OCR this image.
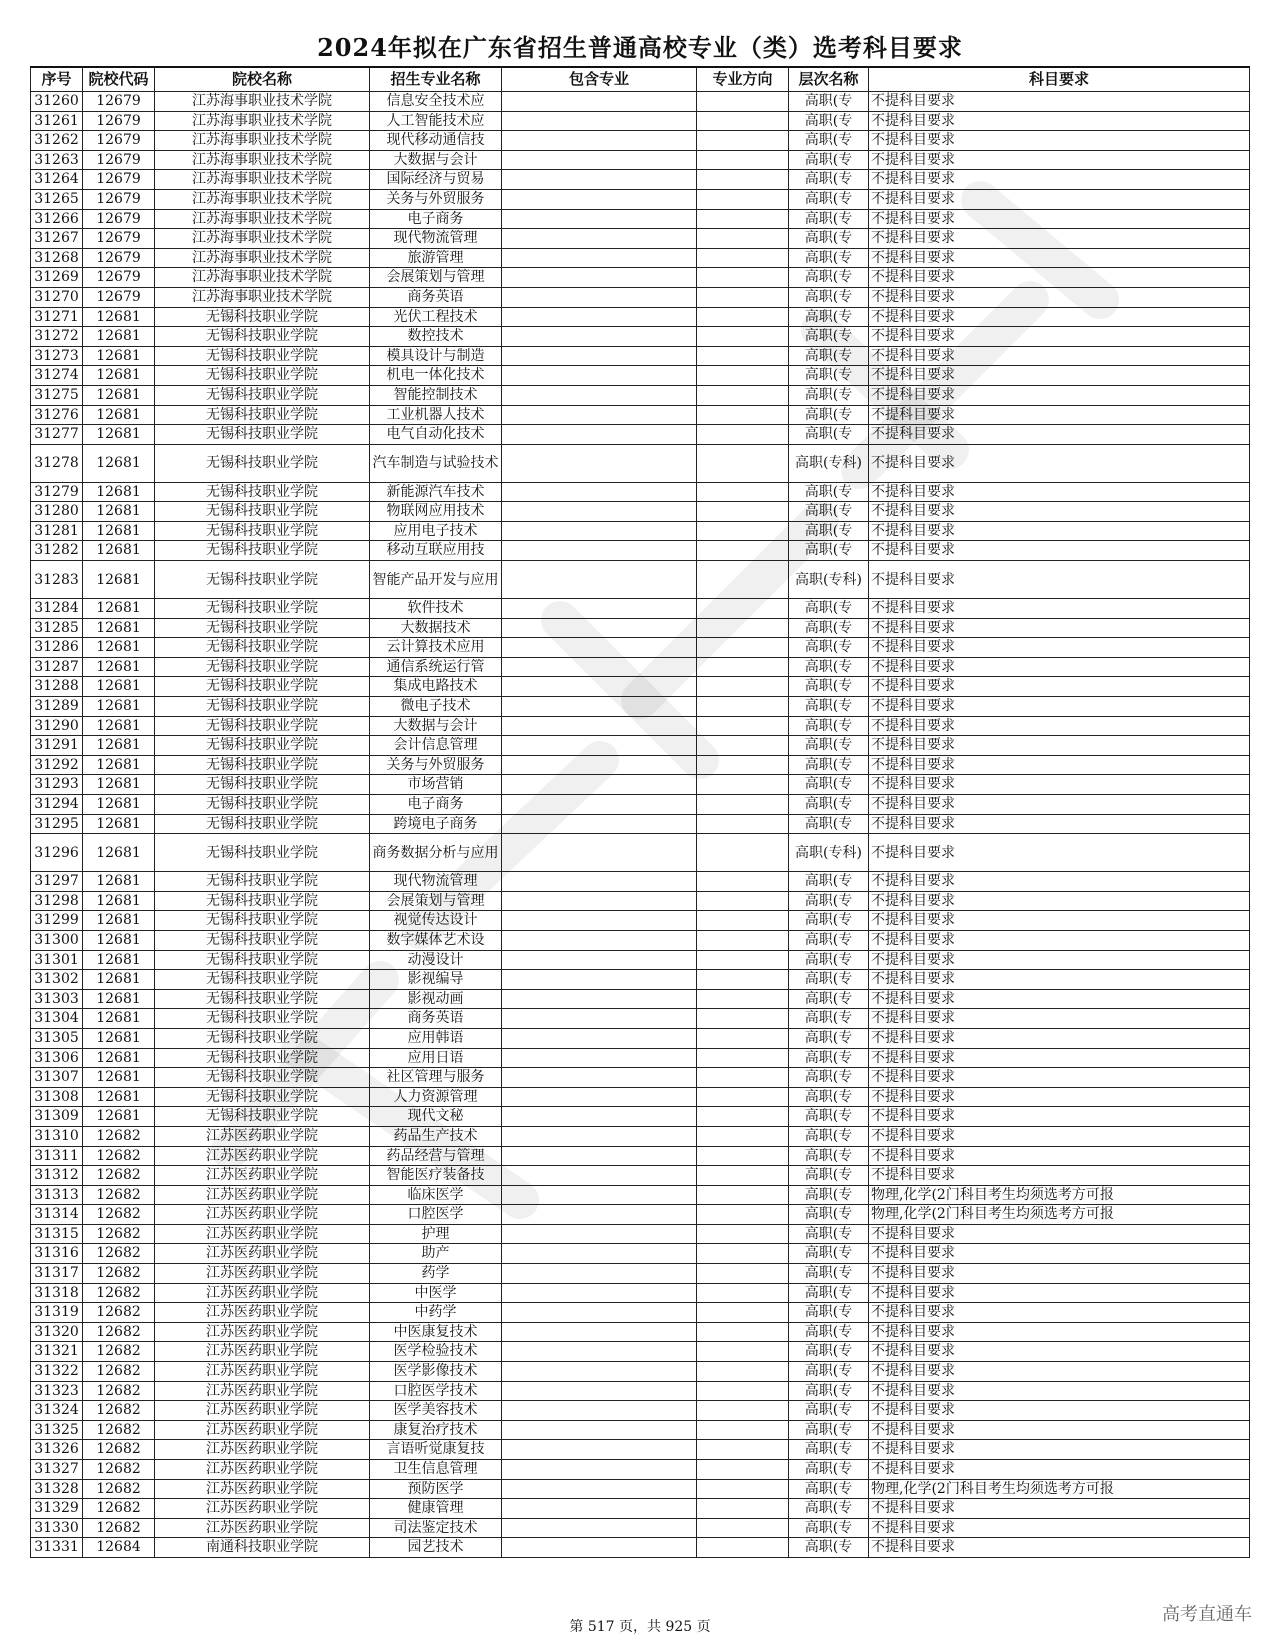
2024年拟在广东省招生普通高校专业（类）选考科目要求
序号	院校代码	院校名称	招生专业名称	包含专业	专业方向	层次名称	科目要求
31260	12679	江苏海事职业技术学院	信息安全技术应			高职(专	不提科目要求
31261	12679	江苏海事职业技术学院	人工智能技术应			高职(专	不提科目要求
31262	12679	江苏海事职业技术学院	现代移动通信技			高职(专	不提科目要求
31263	12679	江苏海事职业技术学院	大数据与会计			高职(专	不提科目要求
31264	12679	江苏海事职业技术学院	国际经济与贸易			高职(专	不提科目要求
31265	12679	江苏海事职业技术学院	关务与外贸服务			高职(专	不提科目要求
31266	12679	江苏海事职业技术学院	电子商务			高职(专	不提科目要求
31267	12679	江苏海事职业技术学院	现代物流管理			高职(专	不提科目要求
31268	12679	江苏海事职业技术学院	旅游管理			高职(专	不提科目要求
31269	12679	江苏海事职业技术学院	会展策划与管理			高职(专	不提科目要求
31270	12679	江苏海事职业技术学院	商务英语			高职(专	不提科目要求
31271	12681	无锡科技职业学院	光伏工程技术			高职(专	不提科目要求
31272	12681	无锡科技职业学院	数控技术			高职(专	不提科目要求
31273	12681	无锡科技职业学院	模具设计与制造			高职(专	不提科目要求
31274	12681	无锡科技职业学院	机电一体化技术			高职(专	不提科目要求
31275	12681	无锡科技职业学院	智能控制技术			高职(专	不提科目要求
31276	12681	无锡科技职业学院	工业机器人技术			高职(专	不提科目要求
31277	12681	无锡科技职业学院	电气自动化技术			高职(专	不提科目要求
31278	12681	无锡科技职业学院	汽车制造与试验技术			高职(专科)	不提科目要求
31279	12681	无锡科技职业学院	新能源汽车技术			高职(专	不提科目要求
31280	12681	无锡科技职业学院	物联网应用技术			高职(专	不提科目要求
31281	12681	无锡科技职业学院	应用电子技术			高职(专	不提科目要求
31282	12681	无锡科技职业学院	移动互联应用技			高职(专	不提科目要求
31283	12681	无锡科技职业学院	智能产品开发与应用			高职(专科)	不提科目要求
31284	12681	无锡科技职业学院	软件技术			高职(专	不提科目要求
31285	12681	无锡科技职业学院	大数据技术			高职(专	不提科目要求
31286	12681	无锡科技职业学院	云计算技术应用			高职(专	不提科目要求
31287	12681	无锡科技职业学院	通信系统运行管			高职(专	不提科目要求
31288	12681	无锡科技职业学院	集成电路技术			高职(专	不提科目要求
31289	12681	无锡科技职业学院	微电子技术			高职(专	不提科目要求
31290	12681	无锡科技职业学院	大数据与会计			高职(专	不提科目要求
31291	12681	无锡科技职业学院	会计信息管理			高职(专	不提科目要求
31292	12681	无锡科技职业学院	关务与外贸服务			高职(专	不提科目要求
31293	12681	无锡科技职业学院	市场营销			高职(专	不提科目要求
31294	12681	无锡科技职业学院	电子商务			高职(专	不提科目要求
31295	12681	无锡科技职业学院	跨境电子商务			高职(专	不提科目要求
31296	12681	无锡科技职业学院	商务数据分析与应用			高职(专科)	不提科目要求
31297	12681	无锡科技职业学院	现代物流管理			高职(专	不提科目要求
31298	12681	无锡科技职业学院	会展策划与管理			高职(专	不提科目要求
31299	12681	无锡科技职业学院	视觉传达设计			高职(专	不提科目要求
31300	12681	无锡科技职业学院	数字媒体艺术设			高职(专	不提科目要求
31301	12681	无锡科技职业学院	动漫设计			高职(专	不提科目要求
31302	12681	无锡科技职业学院	影视编导			高职(专	不提科目要求
31303	12681	无锡科技职业学院	影视动画			高职(专	不提科目要求
31304	12681	无锡科技职业学院	商务英语			高职(专	不提科目要求
31305	12681	无锡科技职业学院	应用韩语			高职(专	不提科目要求
31306	12681	无锡科技职业学院	应用日语			高职(专	不提科目要求
31307	12681	无锡科技职业学院	社区管理与服务			高职(专	不提科目要求
31308	12681	无锡科技职业学院	人力资源管理			高职(专	不提科目要求
31309	12681	无锡科技职业学院	现代文秘			高职(专	不提科目要求
31310	12682	江苏医药职业学院	药品生产技术			高职(专	不提科目要求
31311	12682	江苏医药职业学院	药品经营与管理			高职(专	不提科目要求
31312	12682	江苏医药职业学院	智能医疗装备技			高职(专	不提科目要求
31313	12682	江苏医药职业学院	临床医学			高职(专	物理,化学(2门科目考生均须选考方可报
31314	12682	江苏医药职业学院	口腔医学			高职(专	物理,化学(2门科目考生均须选考方可报
31315	12682	江苏医药职业学院	护理			高职(专	不提科目要求
31316	12682	江苏医药职业学院	助产			高职(专	不提科目要求
31317	12682	江苏医药职业学院	药学			高职(专	不提科目要求
31318	12682	江苏医药职业学院	中医学			高职(专	不提科目要求
31319	12682	江苏医药职业学院	中药学			高职(专	不提科目要求
31320	12682	江苏医药职业学院	中医康复技术			高职(专	不提科目要求
31321	12682	江苏医药职业学院	医学检验技术			高职(专	不提科目要求
31322	12682	江苏医药职业学院	医学影像技术			高职(专	不提科目要求
31323	12682	江苏医药职业学院	口腔医学技术			高职(专	不提科目要求
31324	12682	江苏医药职业学院	医学美容技术			高职(专	不提科目要求
31325	12682	江苏医药职业学院	康复治疗技术			高职(专	不提科目要求
31326	12682	江苏医药职业学院	言语听觉康复技			高职(专	不提科目要求
31327	12682	江苏医药职业学院	卫生信息管理			高职(专	不提科目要求
31328	12682	江苏医药职业学院	预防医学			高职(专	物理,化学(2门科目考生均须选考方可报
31329	12682	江苏医药职业学院	健康管理			高职(专	不提科目要求
31330	12682	江苏医药职业学院	司法鉴定技术			高职(专	不提科目要求
31331	12684	南通科技职业学院	园艺技术			高职(专	不提科目要求
第 517 页，共 925 页
高考直通车
